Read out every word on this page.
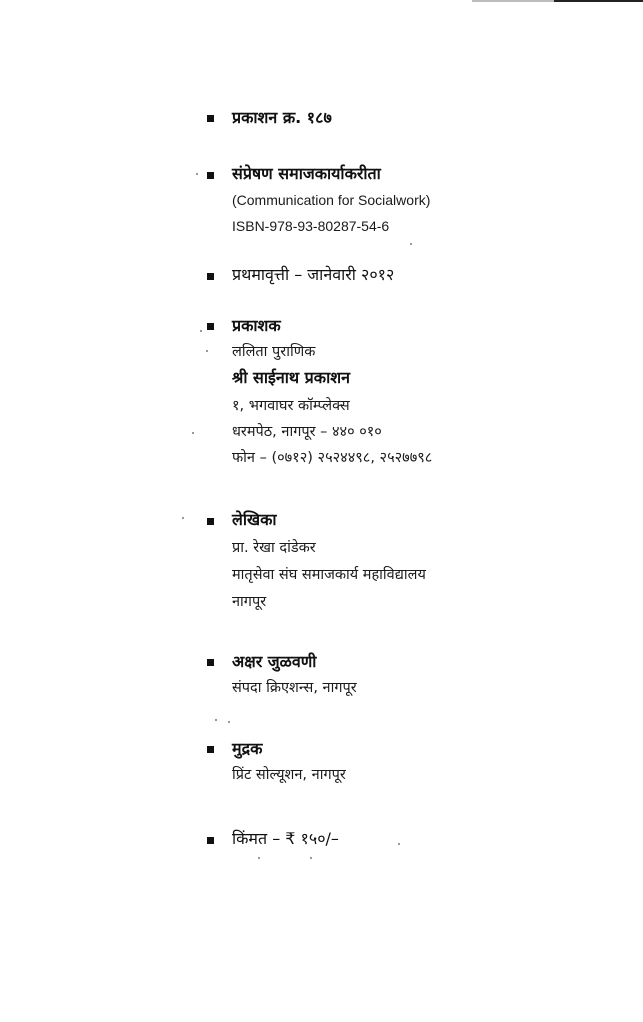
प्रकाशन क्र. १८७
संप्रेषण समाजकार्याकरीता
(Communication for Socialwork)
ISBN-978-93-80287-54-6
प्रथमावृत्ती – जानेवारी २०१२
प्रकाशक
ललिता पुराणिक
श्री साईनाथ प्रकाशन
१, भगवाघर कॉम्प्लेक्स
धरमपेठ, नागपूर – ४४० ०१०
फोन – (०७१२) २५२४४९८, २५२७७९८
लेखिका
प्रा. रेखा दांडेकर
मातृसेवा संघ समाजकार्य महाविद्यालय
नागपूर
अक्षर जुळवणी
संपदा क्रिएशन्स, नागपूर
मुद्रक
प्रिंट सोल्यूशन, नागपूर
किंमत – ₹ १५०/–
